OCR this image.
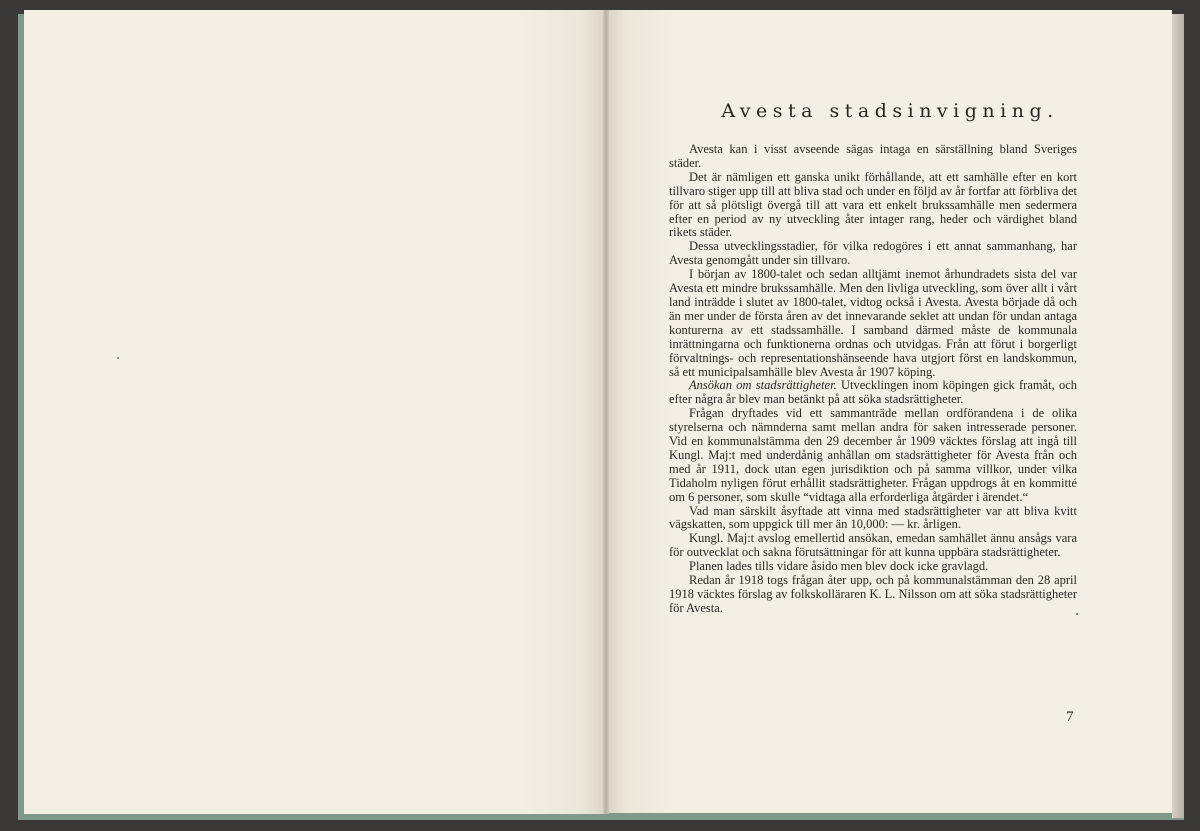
Avesta stadsinvigning.

Avesta kan i visst avseende sägas intaga en särställning bland Sveriges städer.

Det är nämligen ett ganska unikt förhållande, att ett samhälle efter en kort tillvaro stiger upp till att bliva stad och under en följd av år fortfar att förbliva det för att så plötsligt övergå till att vara ett enkelt brukssamhälle men sedermera efter en period av ny utveckling åter intager rang, heder och värdighet bland rikets städer.

Dessa utvecklingsstadier, för vilka redogöres i ett annat sammanhang, har Avesta genomgått under sin tillvaro.

I början av 1800-talet och sedan alltjämt inemot århundradets sista del var Avesta ett mindre brukssamhälle. Men den livliga utveckling, som över allt i vårt land inträdde i slutet av 1800-talet, vidtog också i Avesta. Avesta började då och än mer under de första åren av det innevarande seklet att undan för undan antaga konturerna av ett stadssamhälle. I samband därmed måste de kommunala inrättningarna och funktionerna ordnas och utvidgas. Från att förut i borgerligt förvaltnings- och representationshänseende hava utgjort först en landskommun, så ett municipalsamhälle blev Avesta år 1907 köping.

Ansökan om stadsrättigheter. Utvecklingen inom köpingen gick framåt, och efter några år blev man betänkt på att söka stadsrättigheter.

Frågan dryftades vid ett sammanträde mellan ordförandena i de olika styrelserna och nämnderna samt mellan andra för saken intresserade personer. Vid en kommunalstämma den 29 december år 1909 väcktes förslag att ingå till Kungl. Maj:t med underdånig anhållan om stadsrättigheter för Avesta från och med år 1911, dock utan egen jurisdiktion och på samma villkor, under vilka Tidaholm nyligen förut erhållit stadsrättigheter. Frågan uppdrogs åt en kommitté om 6 personer, som skulle “vidtaga alla erforderliga åtgärder i ärendet.“

Vad man särskilt åsyftade att vinna med stadsrättigheter var att bliva kvitt vägskatten, som uppgick till mer än 10,000: — kr. årligen.

Kungl. Maj:t avslog emellertid ansökan, emedan samhället ännu ansågs vara för outvecklat och sakna förutsättningar för att kunna uppbära stadsrättigheter.

Planen lades tills vidare åsido men blev dock icke gravlagd.

Redan år 1918 togs frågan åter upp, och på kommunalstämman den 28 april 1918 väcktes förslag av folkskolläraren K. L. Nilsson om att söka stadsrättigheter för Avesta.

7
